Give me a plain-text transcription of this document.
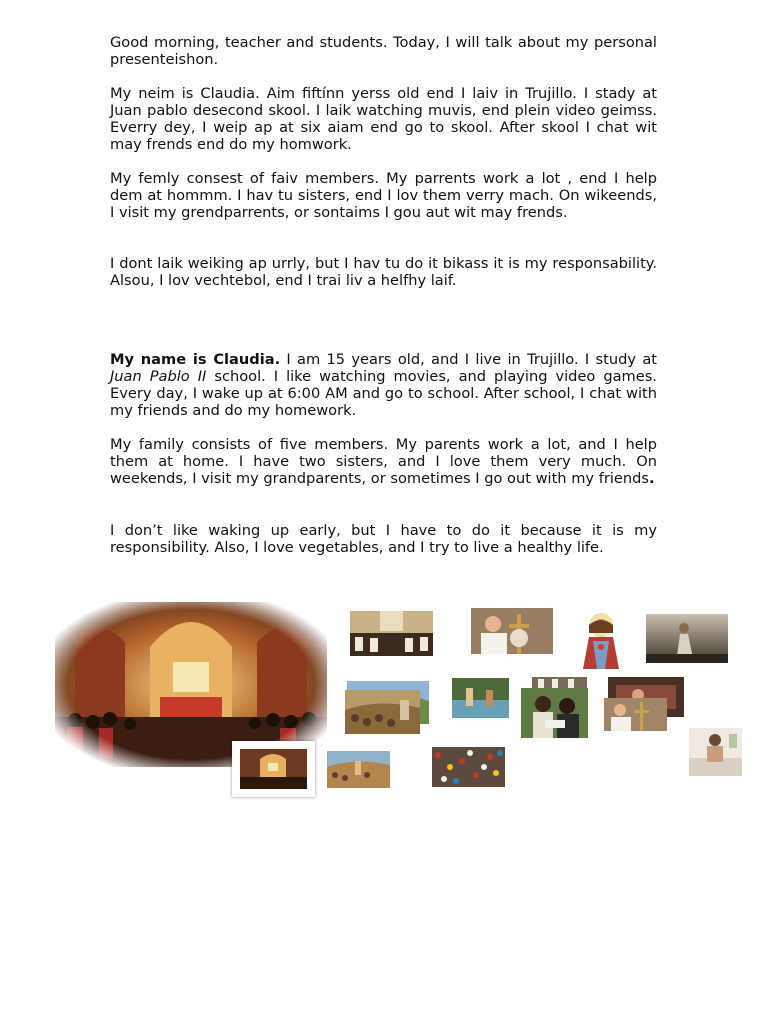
Good morning, teacher and students. Today, I will talk about my personal presenteishon.

My neim is Claudia. Aim fiftínn yerss old end I laiv in Trujillo. I stady at Juan pablo desecond skool. I laik watching muvis, end plein video geimss. Everry dey, I weip ap at six aiam end go to skool. After skool I chat wit may frends end do my homwork.

My femly consest of faiv members. My parrents work a lot , end I help dem at hommm. I hav tu sisters, end I lov them verry mach. On wikeends, I visit my grendparrents, or sontaims I gou aut wit may frends.

I dont laik weiking ap urrly, but I hav tu do it bikass it is my responsability. Alsou, I lov vechtebol, end I trai liv a helfhy laif.

My name is Claudia. I am 15 years old, and I live in Trujillo. I study at Juan Pablo II school. I like watching movies, and playing video games. Every day, I wake up at 6:00 AM and go to school. After school, I chat with my friends and do my homework.

My family consists of five members. My parents work a lot, and I help them at home. I have two sisters, and I love them very much. On weekends, I visit my grandparents, or sometimes I go out with my friends.

I don’t like waking up early, but I have to do it because it is my responsibility. Also, I love vegetables, and I try to live a healthy life.
